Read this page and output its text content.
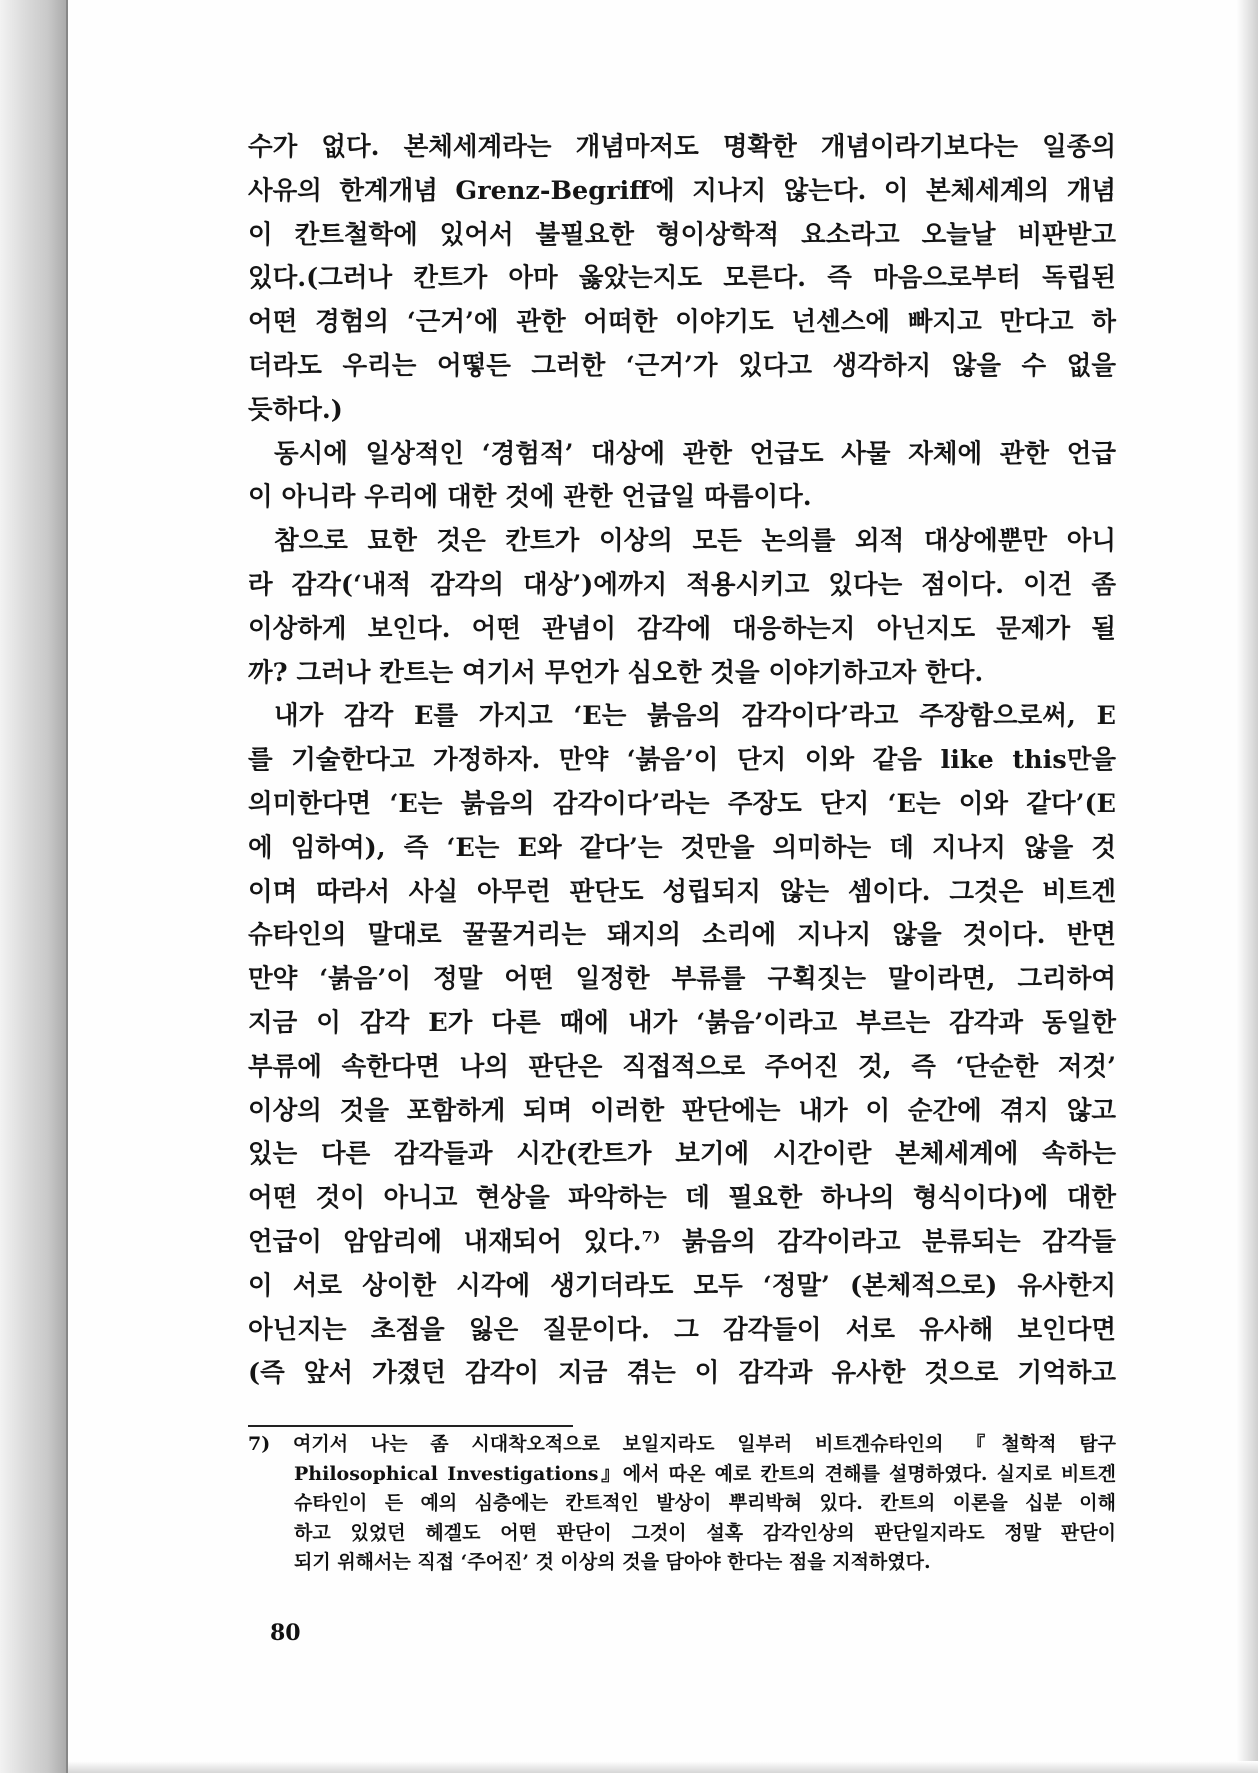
수가 없다. 본체세계라는 개념마저도 명확한 개념이라기보다는 일종의
사유의 한계개념 Grenz-Begriff에 지나지 않는다. 이 본체세계의 개념
이 칸트철학에 있어서 불필요한 형이상학적 요소라고 오늘날 비판받고
있다.(그러나 칸트가 아마 옳았는지도 모른다. 즉 마음으로부터 독립된
어떤 경험의 ‘근거’에 관한 어떠한 이야기도 넌센스에 빠지고 만다고 하
더라도 우리는 어떻든 그러한 ‘근거’가 있다고 생각하지 않을 수 없을
듯하다.)
동시에 일상적인 ‘경험적’ 대상에 관한 언급도 사물 자체에 관한 언급
이 아니라 우리에 대한 것에 관한 언급일 따름이다.
참으로 묘한 것은 칸트가 이상의 모든 논의를 외적 대상에뿐만 아니
라 감각(‘내적 감각의 대상’)에까지 적용시키고 있다는 점이다. 이건 좀
이상하게 보인다. 어떤 관념이 감각에 대응하는지 아닌지도 문제가 될
까? 그러나 칸트는 여기서 무언가 심오한 것을 이야기하고자 한다.
내가 감각 E를 가지고 ‘E는 붉음의 감각이다’라고 주장함으로써, E
를 기술한다고 가정하자. 만약 ‘붉음’이 단지 이와 같음 like this만을
의미한다면 ‘E는 붉음의 감각이다’라는 주장도 단지 ‘E는 이와 같다’(E
에 임하여), 즉 ‘E는 E와 같다’는 것만을 의미하는 데 지나지 않을 것
이며 따라서 사실 아무런 판단도 성립되지 않는 셈이다. 그것은 비트겐
슈타인의 말대로 꿀꿀거리는 돼지의 소리에 지나지 않을 것이다. 반면
만약 ‘붉음’이 정말 어떤 일정한 부류를 구획짓는 말이라면, 그리하여
지금 이 감각 E가 다른 때에 내가 ‘붉음’이라고 부르는 감각과 동일한
부류에 속한다면 나의 판단은 직접적으로 주어진 것, 즉 ‘단순한 저것’
이상의 것을 포함하게 되며 이러한 판단에는 내가 이 순간에 겪지 않고
있는 다른 감각들과 시간(칸트가 보기에 시간이란 본체세계에 속하는
어떤 것이 아니고 현상을 파악하는 데 필요한 하나의 형식이다)에 대한
언급이 암암리에 내재되어 있다.⁷⁾ 붉음의 감각이라고 분류되는 감각들
이 서로 상이한 시각에 생기더라도 모두 ‘정말’ (본체적으로) 유사한지
아닌지는 초점을 잃은 질문이다. 그 감각들이 서로 유사해 보인다면
(즉 앞서 가졌던 감각이 지금 겪는 이 감각과 유사한 것으로 기억하고
7) 여기서 나는 좀 시대착오적으로 보일지라도 일부러 비트겐슈타인의 『철학적 탐구
Philosophical Investigations』에서 따온 예로 칸트의 견해를 설명하였다. 실지로 비트겐
슈타인이 든 예의 심층에는 칸트적인 발상이 뿌리박혀 있다. 칸트의 이론을 십분 이해
하고 있었던 헤겔도 어떤 판단이 그것이 설혹 감각인상의 판단일지라도 정말 판단이
되기 위해서는 직접 ‘주어진’ 것 이상의 것을 담아야 한다는 점을 지적하였다.
80
